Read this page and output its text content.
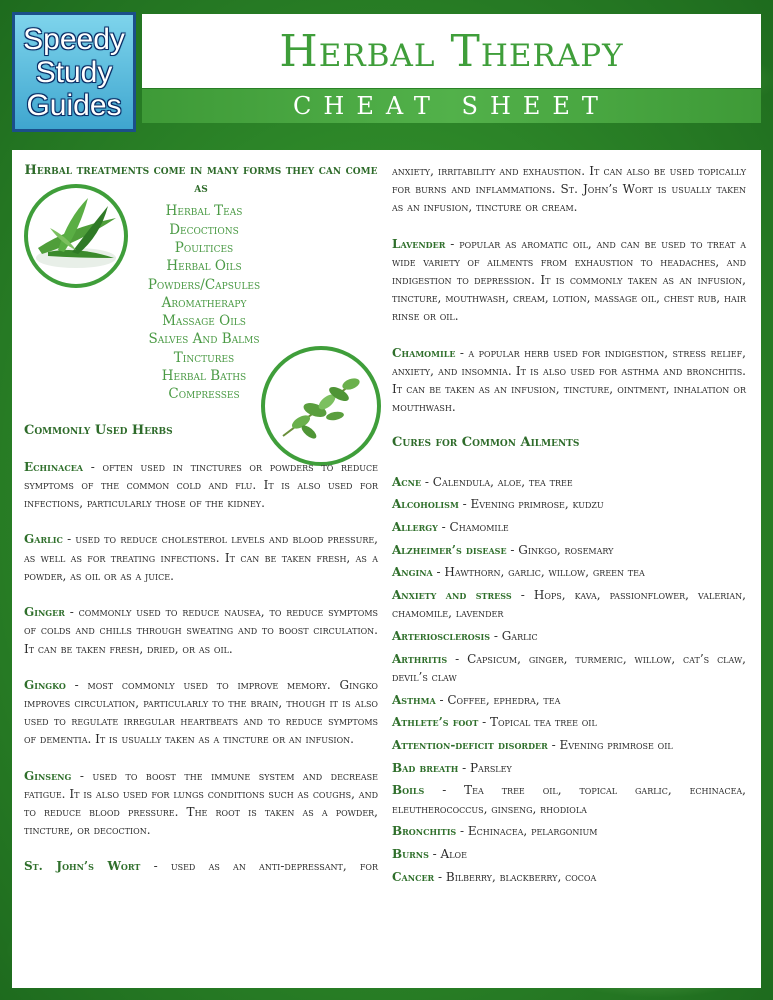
Speedy
Study
Guides
Herbal Therapy
CHEAT SHEET
Herbal treatments come in many forms they can come as
Herbal Teas
Decoctions
Poultices
Herbal Oils
Powders/Capsules
Aromatherapy
Massage Oils
Salves And Balms
Tinctures
Herbal Baths
Compresses
Commonly Used Herbs

Echinacea - often used in tinctures or powders to reduce symptoms of the common cold and flu. It is also used for infections, particularly those of the kidney.

Garlic - used to reduce cholesterol levels and blood pressure, as well as for treating infections. It can be taken fresh, as a powder, as oil or as a juice.

Ginger - commonly used to reduce nausea, to reduce symptoms of colds and chills through sweating and to boost circulation. It can be taken fresh, dried, or as oil.

Gingko - most commonly used to improve memory. Gingko improves circulation, particularly to the brain, though it is also used to regulate irregular heartbeats and to reduce symptoms of dementia. It is usually taken as a tincture or an infusion.

Ginseng - used to boost the immune system and decrease fatigue. It is also used for lungs conditions such as coughs, and to reduce blood pressure. The root is taken as a powder, tincture, or decoction.

St. John’s Wort - used as an anti-depressant, for

anxiety, irritability and exhaustion. It can also be used topically for burns and inflammations. St. John’s Wort is usually taken as an infusion, tincture or cream.

Lavender - popular as aromatic oil, and can be used to treat a wide variety of ailments from exhaustion to headaches, and indigestion to depression. It is commonly taken as an infusion, tincture, mouthwash, cream, lotion, massage oil, chest rub, hair rinse or oil.

Chamomile - a popular herb used for indigestion, stress relief, anxiety, and insomnia. It is also used for asthma and bronchitis. It can be taken as an infusion, tincture, ointment, inhalation or mouthwash.

Cures for Common Ailments

Acne - Calendula, aloe, tea tree

Alcoholism - Evening primrose, kudzu

Allergy - Chamomile

Alzheimer’s disease - Ginkgo, rosemary

Angina - Hawthorn, garlic, willow, green tea

Anxiety and stress - Hops, kava, passionflower, valerian, chamomile, lavender

Arteriosclerosis - Garlic

Arthritis - Capsicum, ginger, turmeric, willow, cat’s claw, devil’s claw

Asthma - Coffee, ephedra, tea

Athlete’s foot - Topical tea tree oil

Attention-deficit disorder - Evening primrose oil

Bad breath - Parsley

Boils - Tea tree oil, topical garlic, echinacea, eleutherococcus, ginseng, rhodiola

Bronchitis - Echinacea, pelargonium

Burns - Aloe

Cancer - Bilberry, blackberry, cocoa
